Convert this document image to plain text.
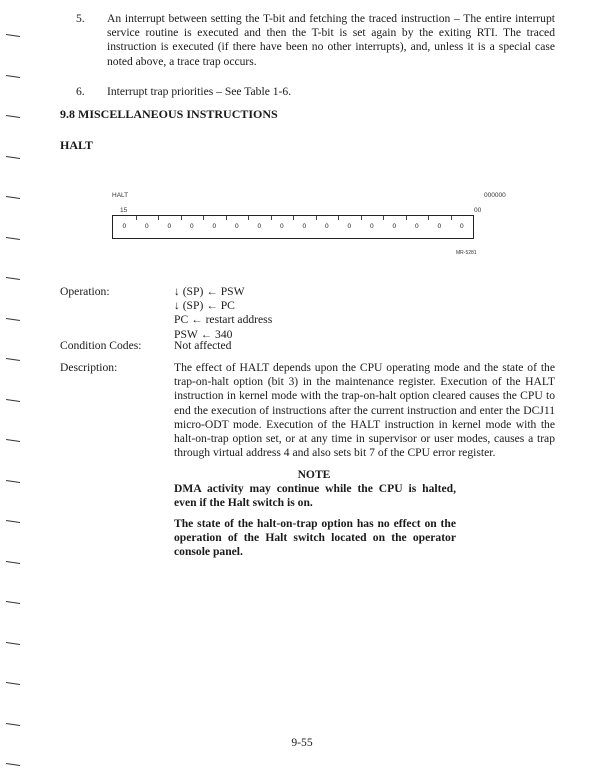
5. An interrupt between setting the T-bit and fetching the traced instruction – The entire interrupt service routine is executed and then the T-bit is set again by the exiting RTI. The traced instruction is executed (if there have been no other interrupts), and, unless it is a special case noted above, a trace trap occurs.
6. Interrupt trap priorities – See Table 1-6.
9.8 MISCELLANEOUS INSTRUCTIONS
HALT
HALT	000000
15	00
0	0	0	0	0	0	0	0	0	0	0	0	0	0	0	0
MR-5281
Operation:	↓ (SP) ← PSW
↓ (SP) ← PC
PC ← restart address
PSW ← 340
Condition Codes:	Not affected
Description:	The effect of HALT depends upon the CPU operating mode and the state of the trap-on-halt option (bit 3) in the maintenance register. Execution of the HALT instruction in kernel mode with the trap-on-halt option cleared causes the CPU to end the execution of instructions after the current instruction and enter the DCJ11 micro-ODT mode. Execution of the HALT instruction in kernel mode with the halt-on-trap option set, or at any time in supervisor or user modes, causes a trap through virtual address 4 and also sets bit 7 of the CPU error register.
NOTE
DMA activity may continue while the CPU is halted, even if the Halt switch is on.
The state of the halt-on-trap option has no effect on the operation of the Halt switch located on the operator console panel.
9-55
